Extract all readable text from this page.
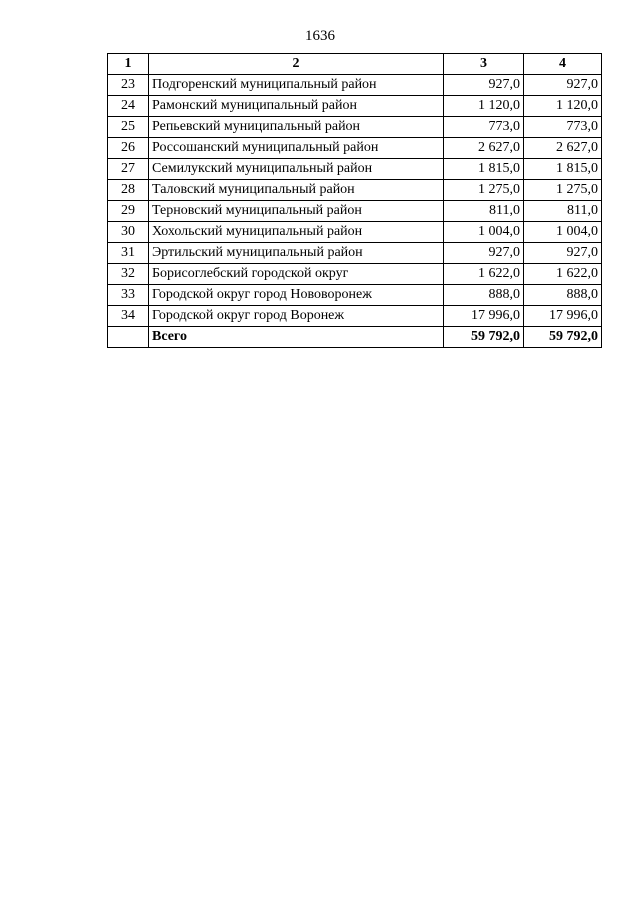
1636
1	2	3	4
23	Подгоренский муниципальный район	927,0	927,0
24	Рамонский муниципальный район	1 120,0	1 120,0
25	Репьевский муниципальный район	773,0	773,0
26	Россошанский муниципальный район	2 627,0	2 627,0
27	Семилукский муниципальный район	1 815,0	1 815,0
28	Таловский муниципальный район	1 275,0	1 275,0
29	Терновский муниципальный район	811,0	811,0
30	Хохольский муниципальный район	1 004,0	1 004,0
31	Эртильский муниципальный район	927,0	927,0
32	Борисоглебский городской округ	1 622,0	1 622,0
33	Городской округ город Нововоронеж	888,0	888,0
34	Городской округ город Воронеж	17 996,0	17 996,0
	Всего	59 792,0	59 792,0
